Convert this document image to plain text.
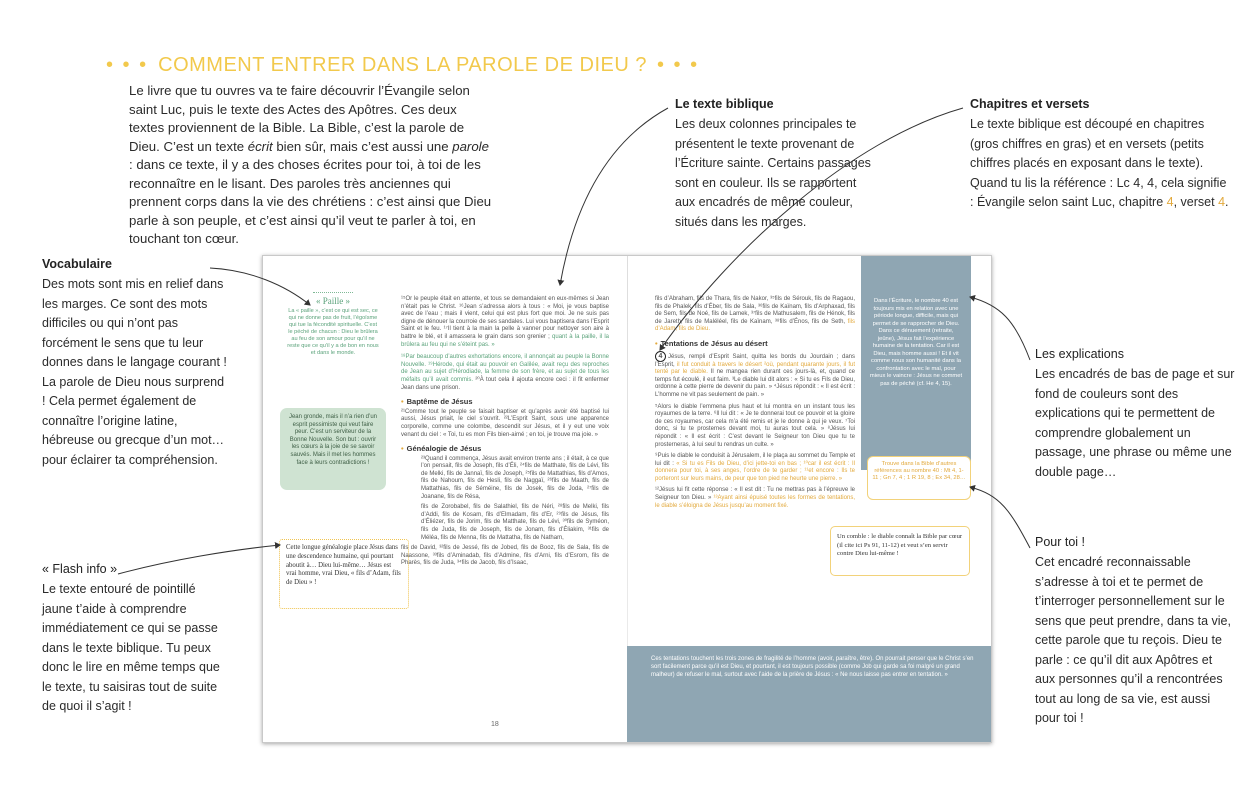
• • • COMMENT ENTRER DANS LA PAROLE DE DIEU ? • • •
Le livre que tu ouvres va te faire découvrir l’Évangile selon saint Luc, puis le texte des Actes des Apôtres. Ces deux textes proviennent de la Bible. La Bible, c’est la parole de Dieu. C’est un texte écrit bien sûr, mais c’est aussi une parole : dans ce texte, il y a des choses écrites pour toi, à toi de les reconnaître en le lisant. Des paroles très anciennes qui prennent corps dans la vie des chrétiens : c’est ainsi que Dieu parle à son peuple, et c’est ainsi qu’il veut te parler à toi, en touchant ton cœur.
Le texte biblique
Les deux colonnes principales te présentent le texte provenant de l’Écriture sainte. Certains passages sont en couleur. Ils se rapportent aux encadrés de même couleur, situés dans les marges.
Chapitres et versets
Le texte biblique est découpé en chapitres (gros chiffres en gras) et en versets (petits chiffres placés en exposant dans le texte). Quand tu lis la référence : Lc 4, 4, cela signifie : Évangile selon saint Luc, chapitre 4, verset 4.
Vocabulaire
Des mots sont mis en relief dans les marges. Ce sont des mots difficiles ou qui n’ont pas forcément le sens que tu leur donnes dans le langage courant ! La parole de Dieu nous surprend ! Cela permet également de connaître l’origine latine, hébreuse ou grecque d’un mot… pour éclairer ta compréhension.
« Flash info »
Le texte entouré de pointillé jaune t’aide à comprendre immédiatement ce qui se passe dans le texte biblique. Tu peux donc le lire en même temps que le texte, tu saisiras tout de suite de quoi il s’agit !
Les explications
Les encadrés de bas de page et sur fond de couleurs sont des explications qui te permettent de comprendre globalement un passage, une phrase ou même une double page…
Pour toi !
Cet encadré reconnaissable s’adresse à toi et te permet de t’interroger personnellement sur le sens que peut prendre, dans ta vie, cette parole que tu reçois. Dieu te parle : ce qu’il dit aux Apôtres et aux personnes qu’il a rencontrées tout au long de sa vie, est aussi pour toi !
« Paille »
La « paille », c’est ce qui est sec, ce qui ne donne pas de fruit, l’égoïsme qui tue la fécondité spirituelle. C’est le péché de chacun : Dieu le brûlera au feu de son amour pour qu’il ne reste que ce qu’il y a de bon en nous et dans le monde.
Jean gronde, mais il n’a rien d’un esprit pessimiste qui veut faire peur. C’est un serviteur de la Bonne Nouvelle. Son but : ouvrir les cœurs à la joie de se savoir sauvés. Mais il met les hommes face à leurs contradictions !
Cette longue généalogie place Jésus dans une descendence humaine, qui pourtant aboutit à… Dieu lui-même… Jésus est vrai homme, vrai Dieu, « fils d’Adam, fils de Dieu » !
¹⁵Or le peuple était en attente, et tous se demandaient en eux-mêmes si Jean n’était pas le Christ. ¹⁶Jean s’adressa alors à tous : « Moi, je vous baptise avec de l’eau ; mais il vient, celui qui est plus fort que moi. Je ne suis pas digne de dénouer la courroie de ses sandales. Lui vous baptisera dans l’Esprit Saint et le feu. ¹⁷Il tient à la main la pelle à vanner pour nettoyer son aire à battre le blé, et il amassera le grain dans son grenier ; quant à la paille, il la brûlera au feu qui ne s’éteint pas. »
¹⁸Par beaucoup d’autres exhortations encore, il annonçait au peuple la Bonne Nouvelle. ¹⁹Hérode, qui était au pouvoir en Galilée, avait reçu des reproches de Jean au sujet d’Hérodiade, la femme de son frère, et au sujet de tous les méfaits qu’il avait commis. ²⁰À tout cela il ajouta encore ceci : il fit enfermer Jean dans une prison.
• Baptême de Jésus
²¹Comme tout le peuple se faisait baptiser et qu’après avoir été baptisé lui aussi, Jésus priait, le ciel s’ouvrit. ²²L’Esprit Saint, sous une apparence corporelle, comme une colombe, descendit sur Jésus, et il y eut une voix venant du ciel : « Toi, tu es mon Fils bien-aimé ; en toi, je trouve ma joie. »
• Généalogie de Jésus
²³Quand il commença, Jésus avait environ trente ans ; il était, à ce que l’on pensait, fils de Joseph, fils d’Éli, ²⁴fils de Matthate, fils de Lévi, fils de Melki, fils de Jannaï, fils de Joseph, ²⁵fils de Mattathias, fils d’Amos, fils de Nahoum, fils de Hesli, fils de Naggaï, ²⁶fils de Maath, fils de Mattathias, fils de Séméine, fils de Josek, fils de Joda, ²⁷fils de Joanane, fils de Résa,
fils de Zorobabel, fils de Salathiel, fils de Néri, ²⁸fils de Melki, fils d’Addi, fils de Kosam, fils d’Elmadam, fils d’Er, ²⁹fils de Jésus, fils d’Éliézer, fils de Jorim, fils de Matthate, fils de Lévi, ³⁰fils de Syméon, fils de Juda, fils de Joseph, fils de Jonam, fils d’Éliakim, ³¹fils de Méléa, fils de Menna, fils de Mattatha, fils de Natham,
fils de David, ³²fils de Jessé, fils de Jobed, fils de Booz, fils de Sala, fils de Naassone, ³³fils d’Aminadab, fils d’Admine, fils d’Arni, fils d’Esrom, fils de Pharès, fils de Juda, ³⁴fils de Jacob, fils d’Isaac,
18
fils d’Abraham, fils de Thara, fils de Nakor, ³⁵fils de Sérouk, fils de Ragaou, fils de Phalek, fils d’Éber, fils de Sala, ³⁶fils de Kaïnam, fils d’Arphaxad, fils de Sem, fils de Noé, fils de Lamek, ³⁷fils de Mathusalem, fils de Hénok, fils de Jareth, fils de Maléléel, fils de Kaïnam, ³⁸fils d’Énos, fils de Seth, fils d’Adam, fils de Dieu.
• Tentations de Jésus au désert
4 Jésus, rempli d’Esprit Saint, quitta les bords du Jourdain ; dans l’Esprit, il fut conduit à travers le désert ²où, pendant quarante jours, il fut tenté par le diable. Il ne mangea rien durant ces jours-là, et, quand ce temps fut écoulé, il eut faim. ³Le diable lui dit alors : « Si tu es Fils de Dieu, ordonne à cette pierre de devenir du pain. » ⁴Jésus répondit : « Il est écrit : L’homme ne vit pas seulement de pain. »
⁵Alors le diable l’emmena plus haut et lui montra en un instant tous les royaumes de la terre. ⁶Il lui dit : « Je te donnerai tout ce pouvoir et la gloire de ces royaumes, car cela m’a été remis et je le donne à qui je veux. ⁷Toi donc, si tu te prosternes devant moi, tu auras tout cela. » ⁸Jésus lui répondit : « Il est écrit : C’est devant le Seigneur ton Dieu que tu te prosterneras, à lui seul tu rendras un culte. »
⁹Puis le diable le conduisit à Jérusalem, il le plaça au sommet du Temple et lui dit : « Si tu es Fils de Dieu, d’ici jette-toi en bas ; ¹⁰car il est écrit : Il donnera pour toi, à ses anges, l’ordre de te garder ; ¹¹et encore : Ils te porteront sur leurs mains, de peur que ton pied ne heurte une pierre. »
¹²Jésus lui fit cette réponse : « Il est dit : Tu ne mettras pas à l’épreuve le Seigneur ton Dieu. » ¹³Ayant ainsi épuisé toutes les formes de tentations, le diable s’éloigna de Jésus jusqu’au moment fixé.
Dans l’Écriture, le nombre 40 est toujours mis en relation avec une période longue, difficile, mais qui permet de se rapprocher de Dieu. Dans ce dénuement (retraite, jeûne), Jésus fait l’expérience humaine de la tentation. Car il est Dieu, mais homme aussi ! Et il vit comme nous son humanité dans la confrontation avec le mal, pour mieux le vaincre : Jésus ne commet pas de péché (cf. He 4, 15).
Trouve dans la Bible d’autres références au nombre 40 : Mt 4, 1-11 ; Gn 7, 4 ; 1 R 19, 8 ; Ex 34, 28…
Un comble : le diable connaît la Bible par cœur (il cite ici Ps 91, 11-12) et veut s’en servir contre Dieu lui-même !
Ces tentations touchent les trois zones de fragilité de l’homme (avoir, paraître, être). On pourrait penser que le Christ s’en sort facilement parce qu’il est Dieu, et pourtant, il est toujours possible (comme Job qui garde sa foi malgré un grand malheur) de refuser le mal, surtout avec l’aide de la prière de Jésus : « Ne nous laisse pas entrer en tentation. »
